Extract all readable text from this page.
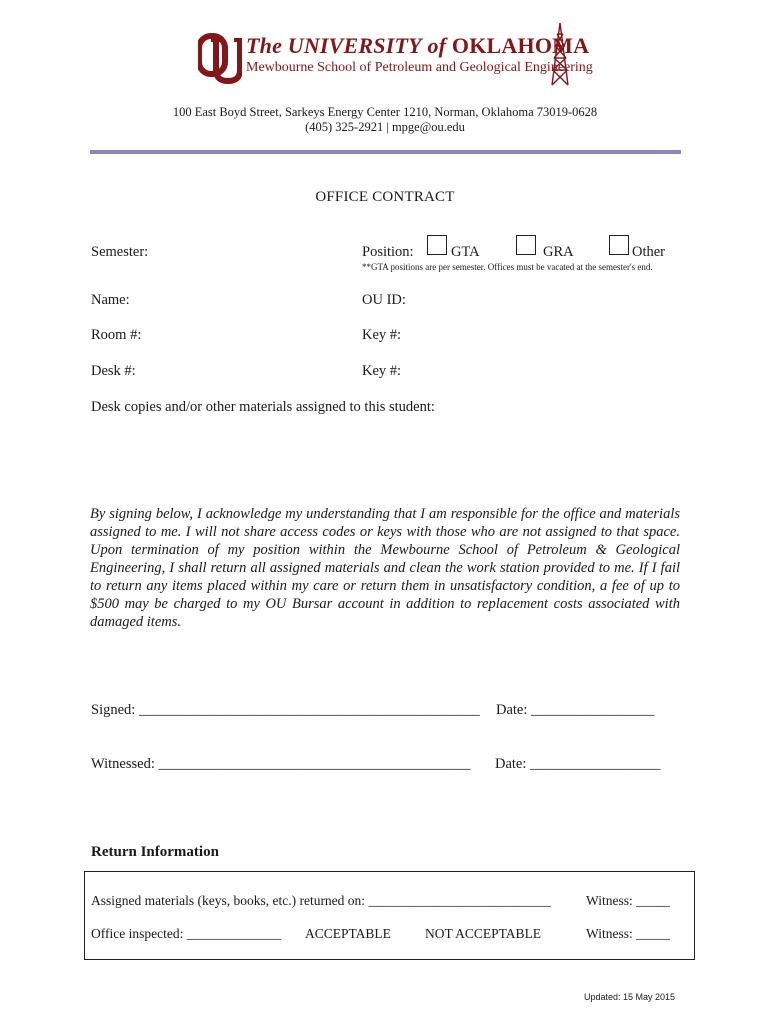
The UNIVERSITY of OKLAHOMA
Mewbourne School of Petroleum and Geological Engineering
100 East Boyd Street, Sarkeys Energy Center 1210, Norman, Oklahoma 73019-0628
(405) 325-2921 | mpge@ou.edu
OFFICE CONTRACT
Semester:	Position:	GTA	GRA	Other
**GTA positions are per semester. Offices must be vacated at the semester's end.
Name:	OU ID:
Room #:	Key #:
Desk #:	Key #:
Desk copies and/or other materials assigned to this student:

By signing below, I acknowledge my understanding that I am responsible for the office and materials assigned to me. I will not share access codes or keys with those who are not assigned to that space. Upon termination of my position within the Mewbourne School of Petroleum & Geological Engineering, I shall return all assigned materials and clean the work station provided to me. If I fail to return any items placed within my care or return them in unsatisfactory condition, a fee of up to $500 may be charged to my OU Bursar account in addition to replacement costs associated with damaged items.

Signed: _______________________________________________ Date: _________________
Witnessed: ___________________________________________ Date: __________________
Return Information
Assigned materials (keys, books, etc.) returned on: ___________________________	Witness: _____
Office inspected: ______________ ACCEPTABLE	NOT ACCEPTABLE	Witness: _____
Updated: 15 May 2015
